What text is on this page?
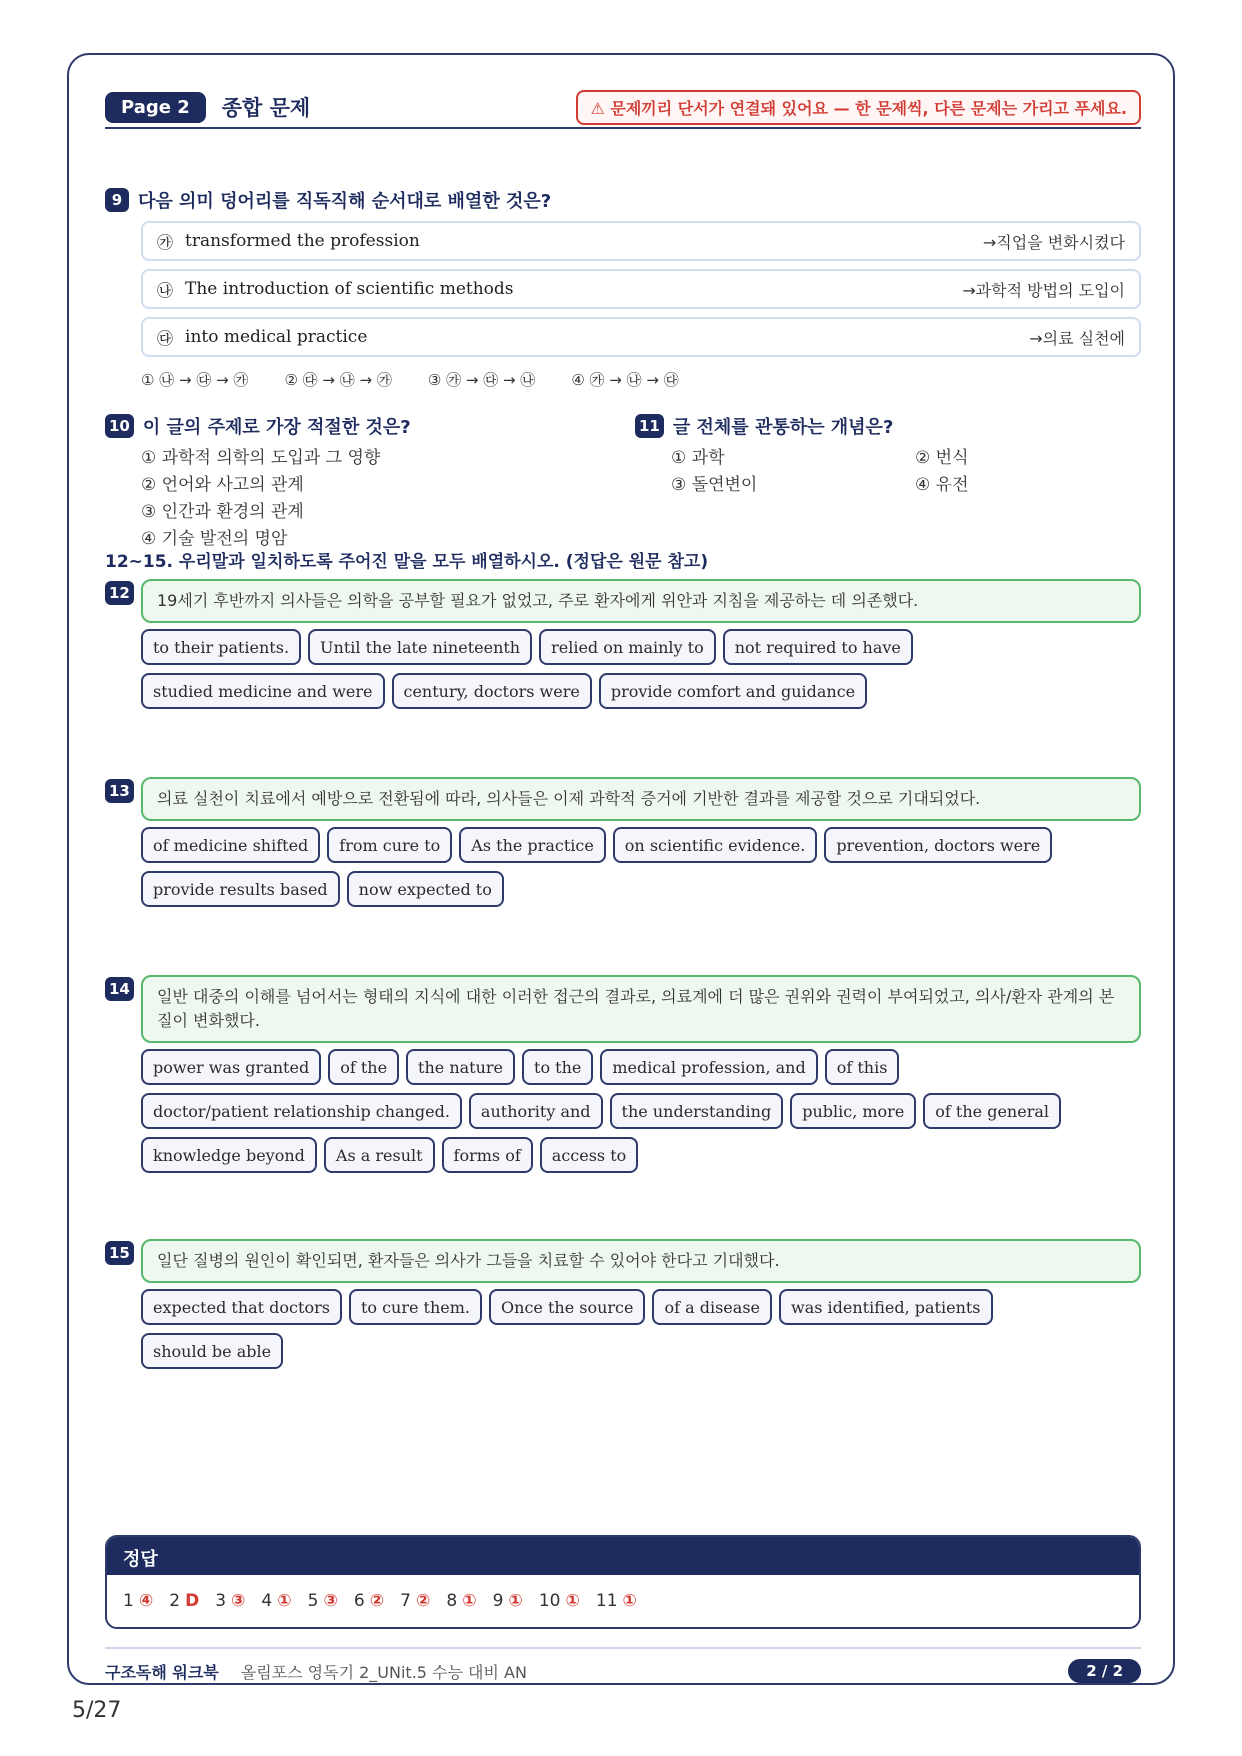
Page 2	종합 문제	⚠ 문제끼리 단서가 연결돼 있어요 — 한 문제씩, 다른 문제는 가리고 푸세요.
9 다음 의미 덩어리를 직독직해 순서대로 배열한 것은?
㉮ transformed the profession	→직업을 변화시켰다
㉯ The introduction of scientific methods	→과학적 방법의 도입이
㉰ into medical practice	→의료 실천에
① ㉯ → ㉰ → ㉮ ② ㉰ → ㉯ → ㉮ ③ ㉮ → ㉰ → ㉯ ④ ㉮ → ㉯ → ㉰
10 이 글의 주제로 가장 적절한 것은?
① 과학적 의학의 도입과 그 영향
② 언어와 사고의 관계
③ 인간과 환경의 관계
④ 기술 발전의 명암
11 글 전체를 관통하는 개념은?
① 과학	② 번식
③ 돌연변이	④ 유전
12~15. 우리말과 일치하도록 주어진 말을 모두 배열하시오. (정답은 원문 참고)
12	19세기 후반까지 의사들은 의학을 공부할 필요가 없었고, 주로 환자에게 위안과 지침을 제공하는 데 의존했다.
to their patients.	Until the late nineteenth	relied on mainly to	not required to have
studied medicine and were	century, doctors were	provide comfort and guidance
13	의료 실천이 치료에서 예방으로 전환됨에 따라, 의사들은 이제 과학적 증거에 기반한 결과를 제공할 것으로 기대되었다.
of medicine shifted	from cure to	As the practice	on scientific evidence.	prevention, doctors were
provide results based	now expected to
14	일반 대중의 이해를 넘어서는 형태의 지식에 대한 이러한 접근의 결과로, 의료계에 더 많은 권위와 권력이 부여되었고, 의사/환자 관계의 본질이 변화했다.
power was granted	of the	the nature	to the	medical profession, and	of this
doctor/patient relationship changed.	authority and	the understanding	public, more	of the general
knowledge beyond	As a result	forms of	access to
15	일단 질병의 원인이 확인되면, 환자들은 의사가 그들을 치료할 수 있어야 한다고 기대했다.
expected that doctors	to cure them.	Once the source	of a disease	was identified, patients
should be able
정답
1 ④ 2 D 3 ③ 4 ① 5 ③ 6 ② 7 ② 8 ① 9 ① 10 ① 11 ①
구조독해 워크북 올림포스 영독기 2_UNit.5 수능 대비 AN	2 / 2
5/27
